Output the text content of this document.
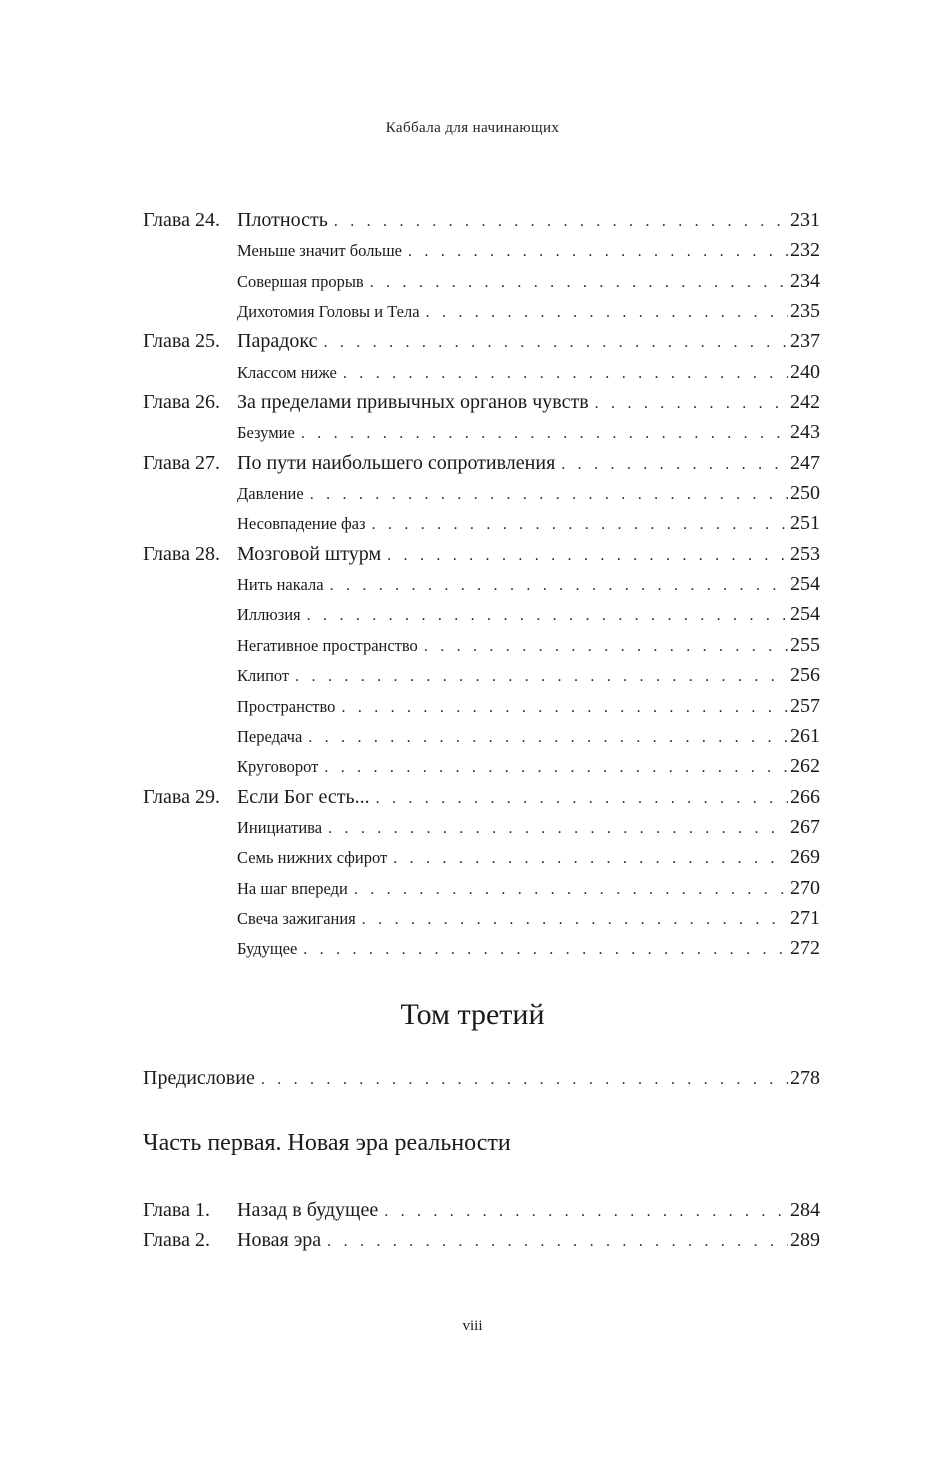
Каббала для начинающих
Глава 24. Плотность . . .	231
Меньше значит больше . . .	232
Совершая прорыв . . .	234
Дихотомия Головы и Тела . . .	235
Глава 25. Парадокс . . .	237
Классом ниже . . .	240
Глава 26. За пределами привычных органов чувств . . .	242
Безумие . . .	243
Глава 27. По пути наибольшего сопротивления . . .	247
Давление . . .	250
Несовпадение фаз . . .	251
Глава 28. Мозговой штурм . . .	253
Нить накала . . .	254
Иллюзия . . .	254
Негативное пространство . . .	255
Клипот . . .	256
Пространство . . .	257
Передача . . .	261
Круговорот . . .	262
Глава 29. Если Бог есть... . . .	266
Инициатива . . .	267
Семь нижних сфирот . . .	269
На шаг впереди . . .	270
Свеча зажигания . . .	271
Будущее . . .	272
Том третий
Предисловие . . .	278
Часть первая. Новая эра реальности
Глава 1.	Назад в будущее . . .	284
Глава 2.	Новая эра . . .	289
viii
